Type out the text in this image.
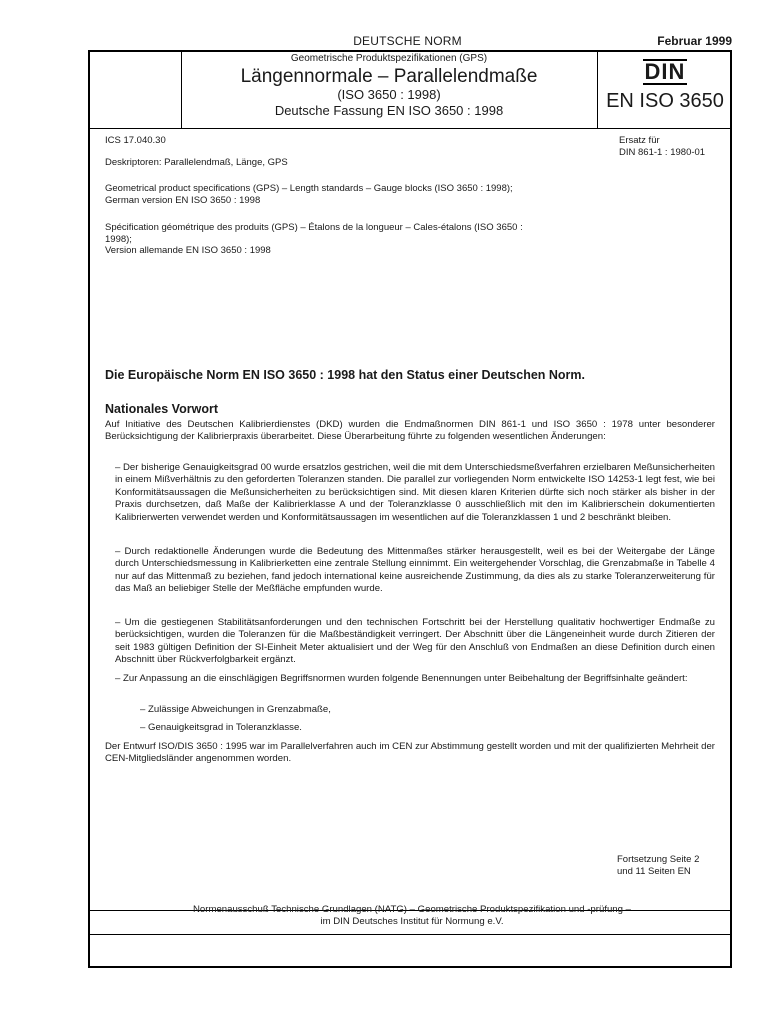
DEUTSCHE NORM	Februar 1999
Geometrische Produktspezifikationen (GPS)
Längennormale – Parallelendmaße
(ISO 3650 : 1998)
Deutsche Fassung EN ISO 3650 : 1998
DIN
EN ISO 3650
ICS 17.040.30	Ersatz für
DIN 861-1 : 1980-01
Deskriptoren: Parallelendmaß, Länge, GPS
Geometrical product specifications (GPS) – Length standards – Gauge blocks (ISO 3650 : 1998);
German version EN ISO 3650 : 1998
Spécification géométrique des produits (GPS) – Étalons de la longueur – Cales-étalons (ISO 3650 : 1998);
Version allemande EN ISO 3650 : 1998
Die Europäische Norm EN ISO 3650 : 1998 hat den Status einer Deutschen Norm.
Nationales Vorwort
Auf Initiative des Deutschen Kalibrierdienstes (DKD) wurden die Endmaßnormen DIN 861-1 und ISO 3650 : 1978 unter besonderer Berücksichtigung der Kalibrierpraxis überarbeitet. Diese Überarbeitung führte zu folgenden wesentlichen Änderungen:
– Der bisherige Genauigkeitsgrad 00 wurde ersatzlos gestrichen, weil die mit dem Unterschiedsmeßverfahren erzielbaren Meßunsicherheiten in einem Mißverhältnis zu den geforderten Toleranzen standen. Die parallel zur vorliegenden Norm entwickelte ISO 14253-1 legt fest, wie bei Konformitätsaussagen die Meßunsicherheiten zu berücksichtigen sind. Mit diesen klaren Kriterien dürfte sich noch stärker als bisher in der Praxis durchsetzen, daß Maße der Kalibrierklasse A und der Toleranzklasse 0 ausschließlich mit den im Kalibrierschein dokumentierten Kalibrierwerten verwendet werden und Konformitätsaussagen im wesentlichen auf die Toleranzklassen 1 und 2 beschränkt bleiben.
– Durch redaktionelle Änderungen wurde die Bedeutung des Mittenmaßes stärker herausgestellt, weil es bei der Weitergabe der Länge durch Unterschiedsmessung in Kalibrierketten eine zentrale Stellung einnimmt. Ein weitergehender Vorschlag, die Grenzabmaße in Tabelle 4 nur auf das Mittenmaß zu beziehen, fand jedoch international keine ausreichende Zustimmung, da dies als zu starke Toleranzerweiterung für das Maß an beliebiger Stelle der Meßfläche empfunden wurde.
– Um die gestiegenen Stabilitätsanforderungen und den technischen Fortschritt bei der Herstellung qualitativ hochwertiger Endmaße zu berücksichtigen, wurden die Toleranzen für die Maßbeständigkeit verringert. Der Abschnitt über die Längeneinheit wurde durch Zitieren der seit 1983 gültigen Definition der SI-Einheit Meter aktualisiert und der Weg für den Anschluß von Endmaßen an diese Definition durch einen Abschnitt über Rückverfolgbarkeit ergänzt.
– Zur Anpassung an die einschlägigen Begriffsnormen wurden folgende Benennungen unter Beibehaltung der Begriffsinhalte geändert:
– Zulässige Abweichungen in Grenzabmaße,
– Genauigkeitsgrad in Toleranzklasse.
Der Entwurf ISO/DIS 3650 : 1995 war im Parallelverfahren auch im CEN zur Abstimmung gestellt worden und mit der qualifizierten Mehrheit der CEN-Mitgliedsländer angenommen worden.
Fortsetzung Seite 2
und 11 Seiten EN
Normenausschuß Technische Grundlagen (NATG) – Geometrische Produktspezifikation und -prüfung –
im DIN Deutsches Institut für Normung e.V.
